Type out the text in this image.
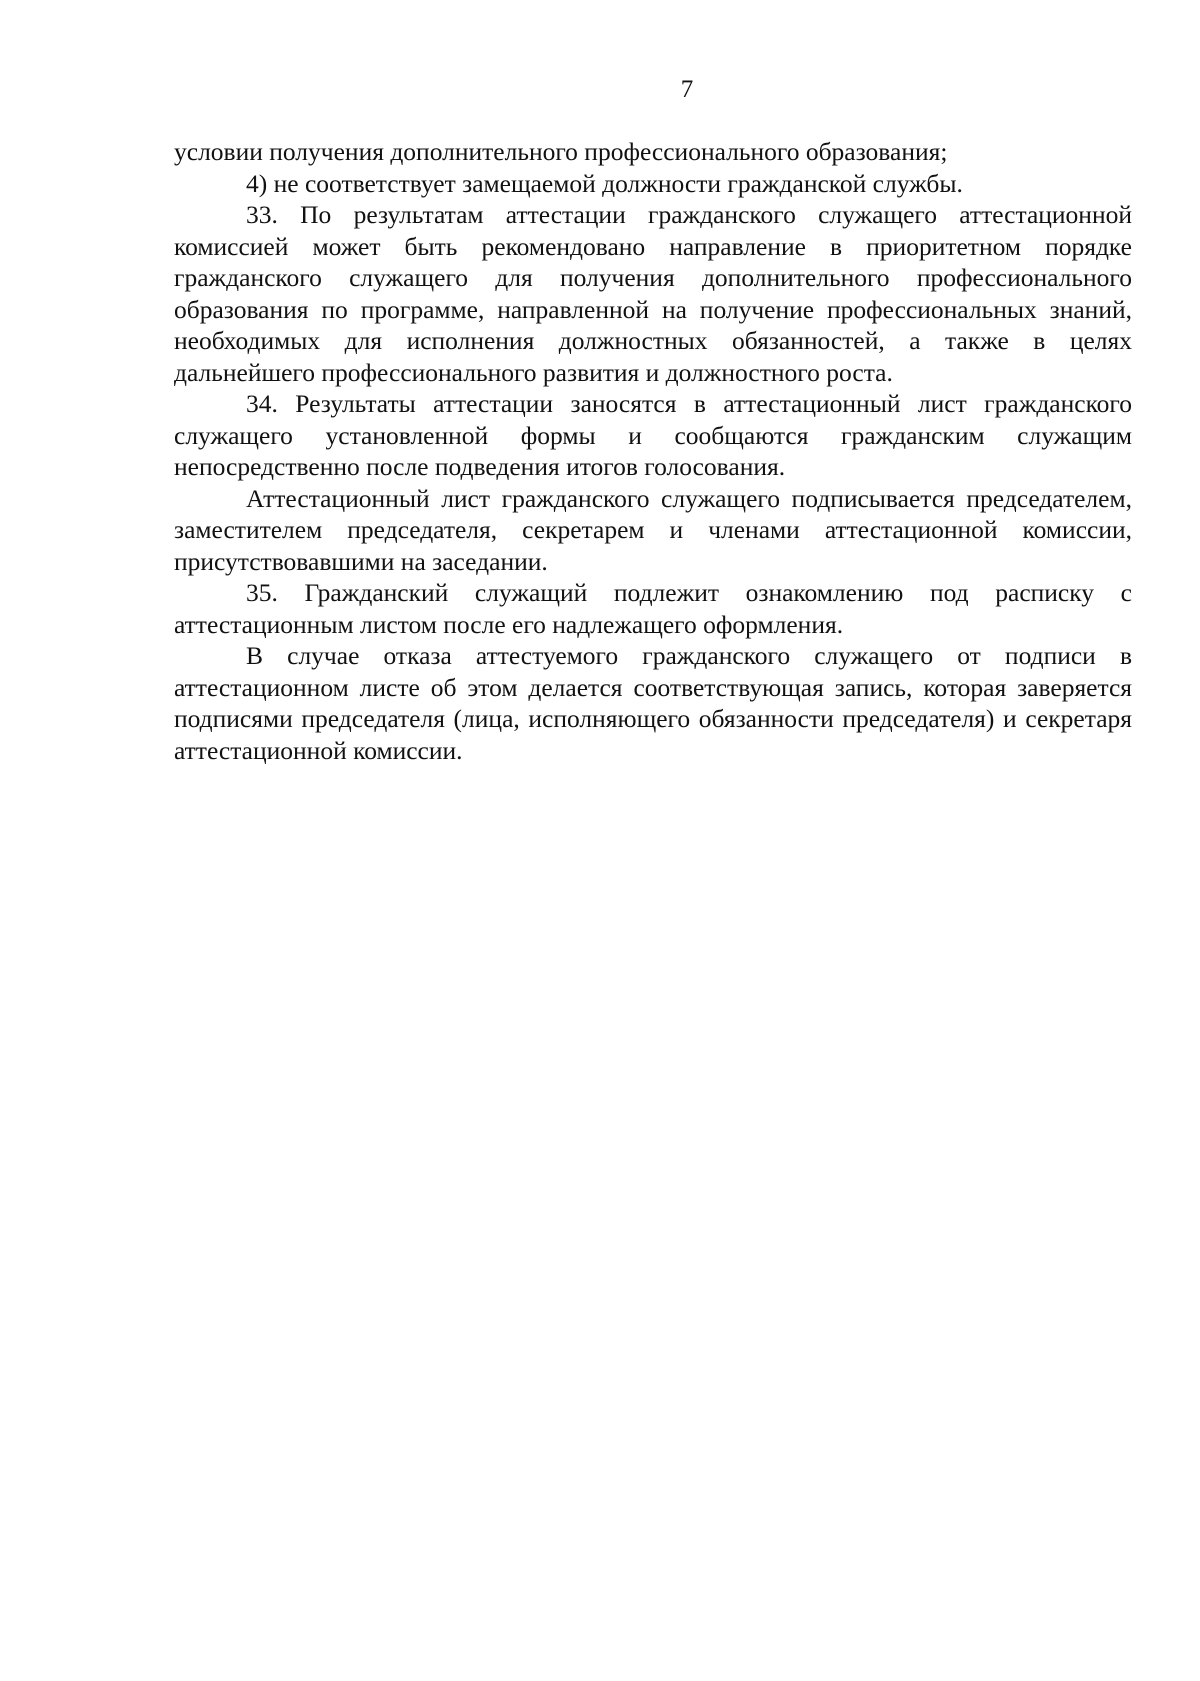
7

условии получения дополнительного профессионального образования;

4) не соответствует замещаемой должности гражданской службы.

33. По результатам аттестации гражданского служащего аттестационной комиссией может быть рекомендовано направление в приоритетном порядке гражданского служащего для получения дополнительного профессионального образования по программе, направленной на получение профессиональных знаний, необходимых для исполнения должностных обязанностей, а также в целях дальнейшего профессионального развития и должностного роста.

34. Результаты аттестации заносятся в аттестационный лист гражданского служащего установленной формы и сообщаются гражданским служащим непосредственно после подведения итогов голосования.

Аттестационный лист гражданского служащего подписывается председателем, заместителем председателя, секретарем и членами аттестационной комиссии, присутствовавшими на заседании.

35. Гражданский служащий подлежит ознакомлению под расписку с аттестационным листом после его надлежащего оформления.

В случае отказа аттестуемого гражданского служащего от подписи в аттестационном листе об этом делается соответствующая запись, которая заверяется подписями председателя (лица, исполняющего обязанности председателя) и секретаря аттестационной комиссии.
